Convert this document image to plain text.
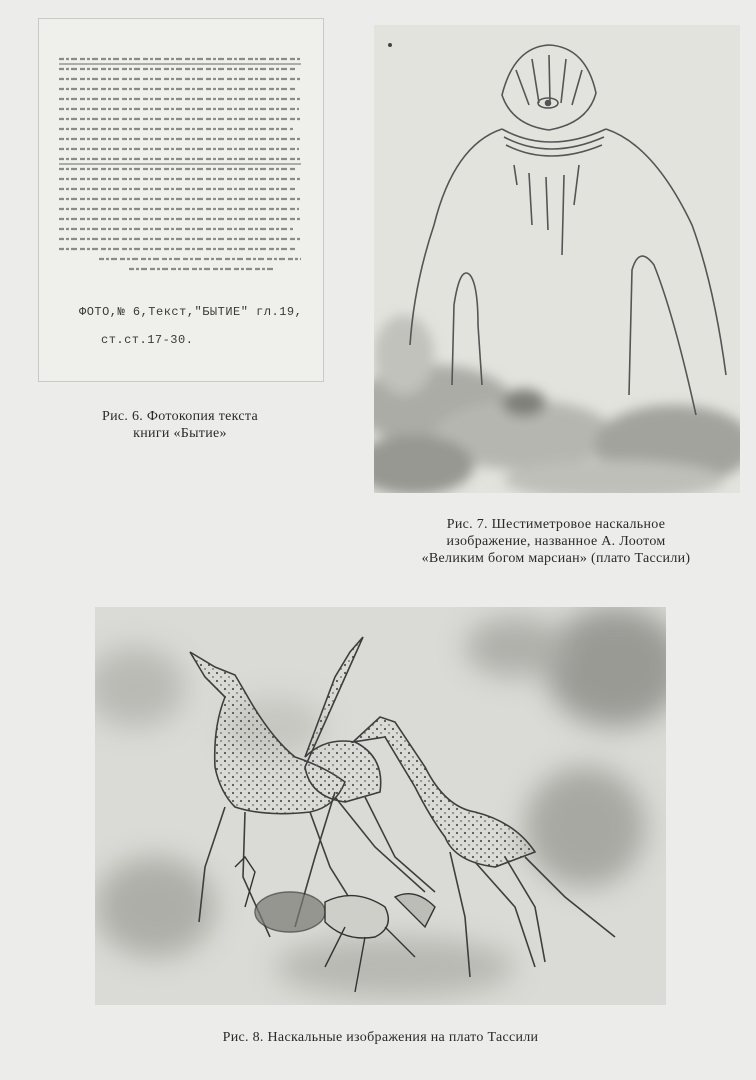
ФОТО,№ 6,Текст,"БЫТИЕ" гл.19,
ст.ст.17-30.
Рис. 6. Фотокопия текста
книги «Бытие»
Рис. 7. Шестиметровое наскальное
изображение, названное А. Лоотом
«Великим богом марсиан» (плато Тассили)
Рис. 8. Наскальные изображения на плато Тассили
